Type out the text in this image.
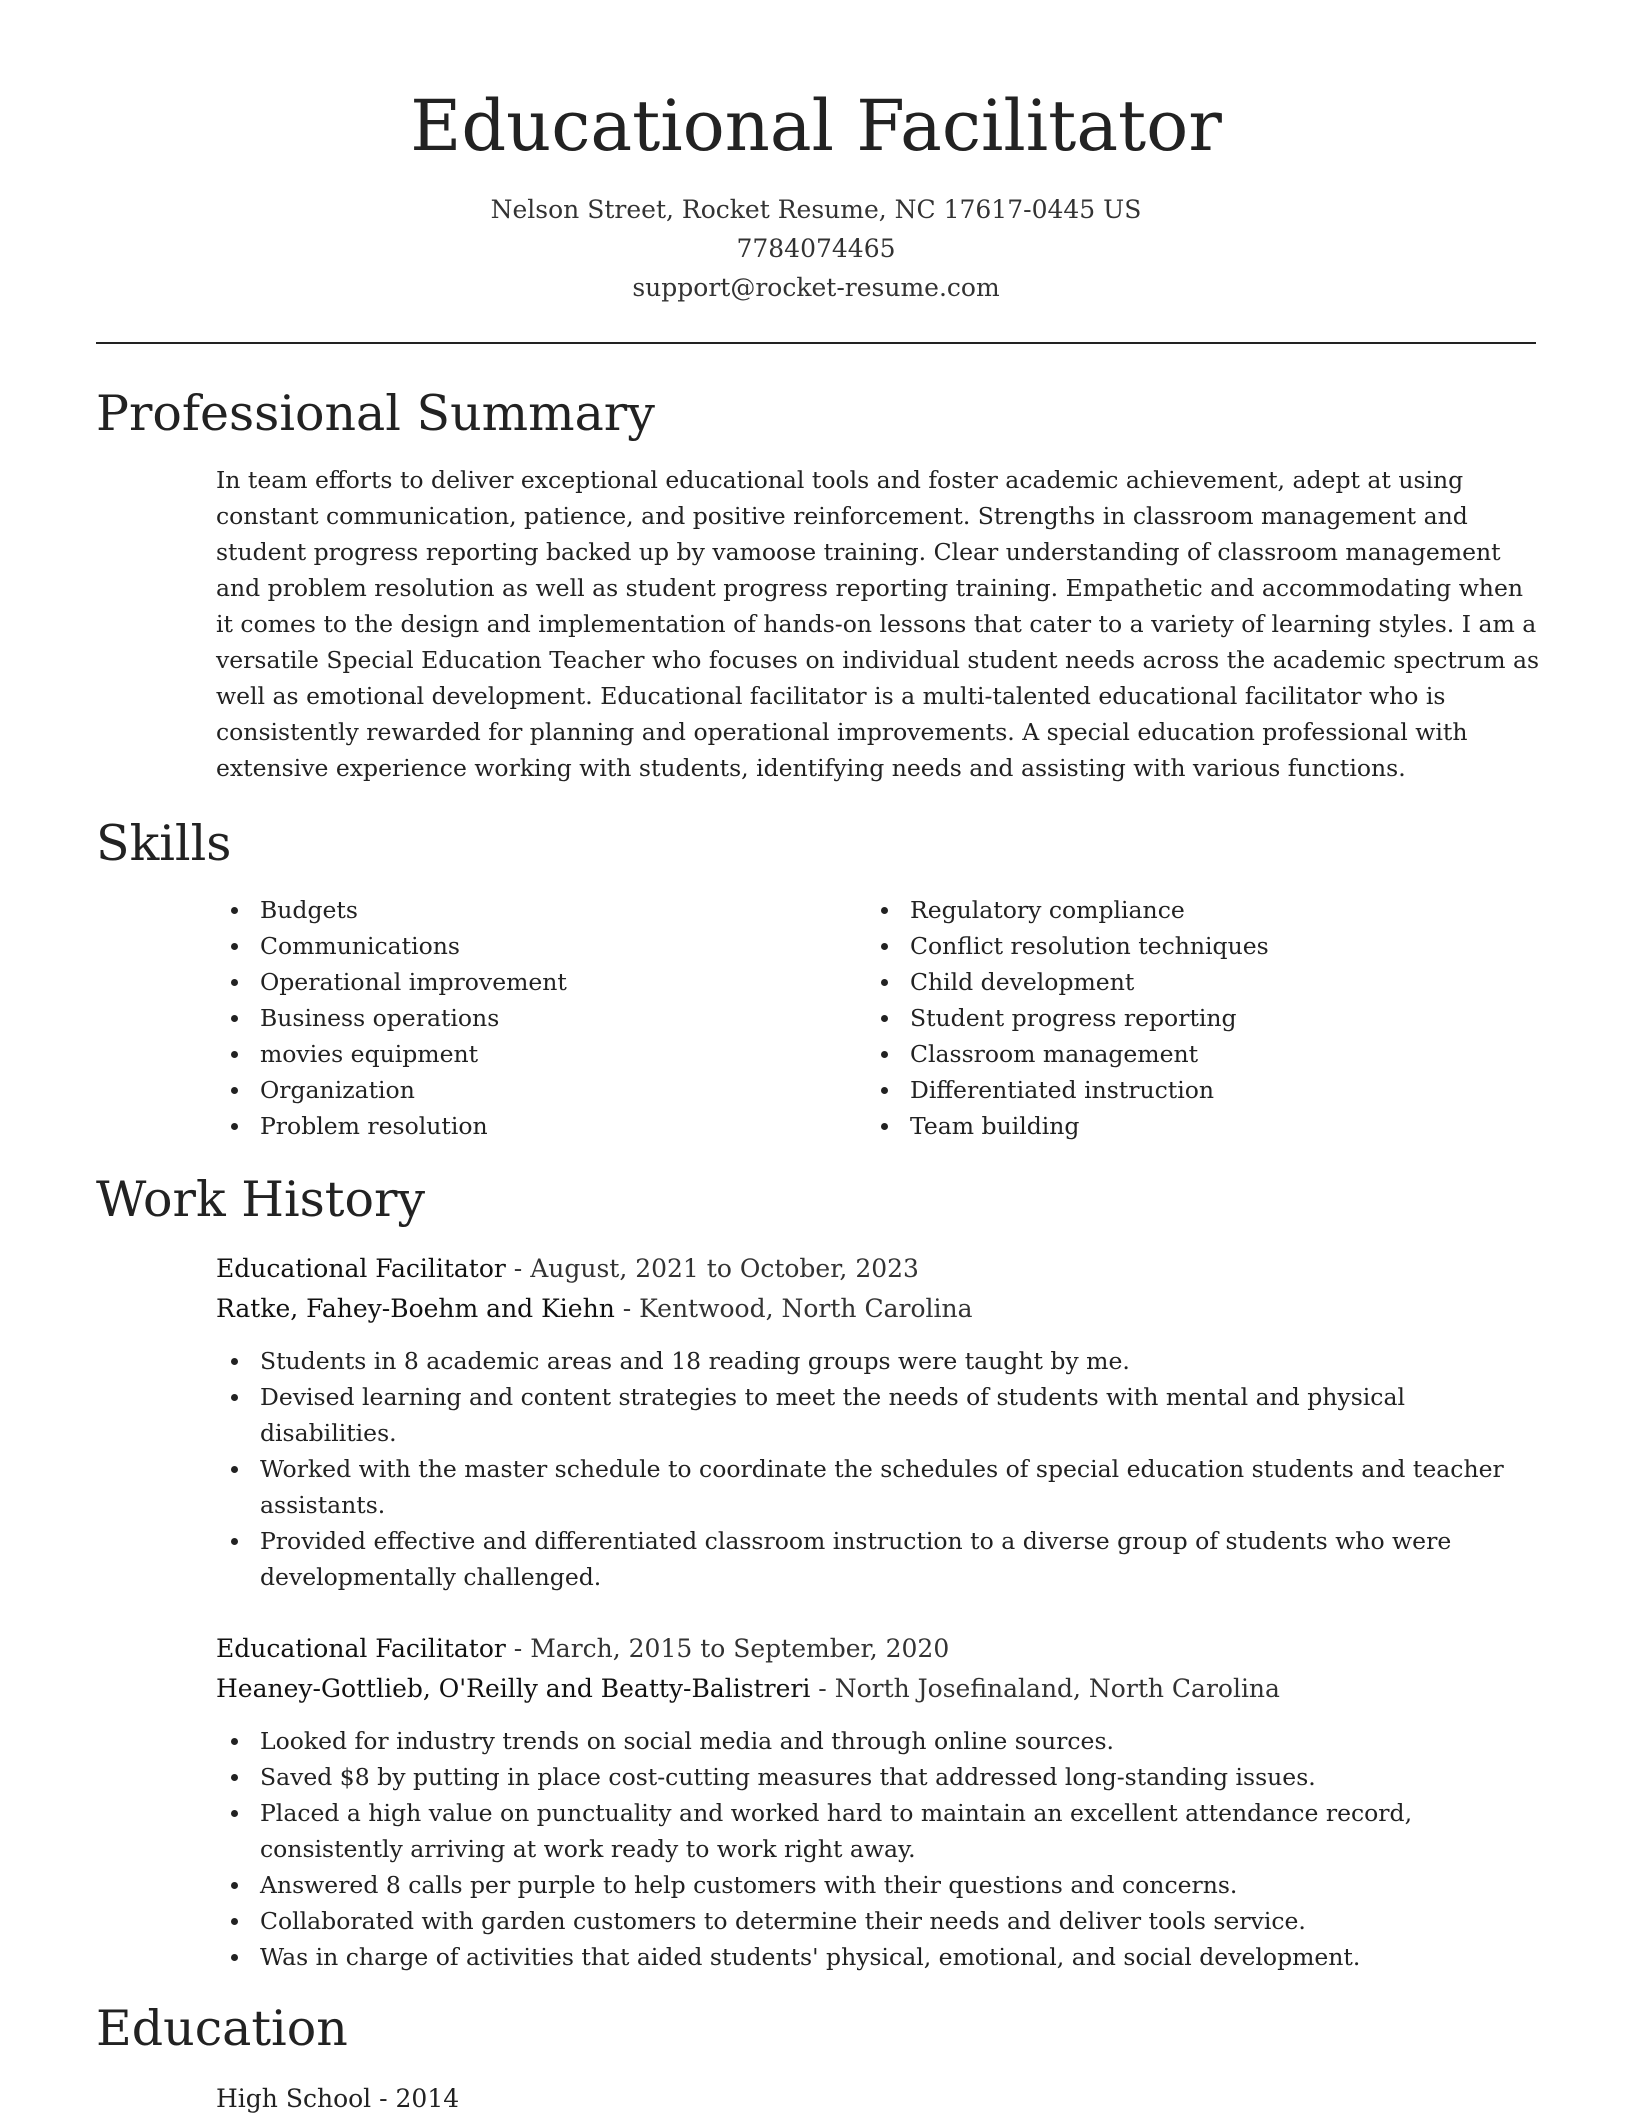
Educational Facilitator
Nelson Street, Rocket Resume, NC 17617-0445 US
7784074465
support@rocket-resume.com
Professional Summary
In team efforts to deliver exceptional educational tools and foster academic achievement, adept at using
constant communication, patience, and positive reinforcement. Strengths in classroom management and
student progress reporting backed up by vamoose training. Clear understanding of classroom management
and problem resolution as well as student progress reporting training. Empathetic and accommodating when
it comes to the design and implementation of hands-on lessons that cater to a variety of learning styles. I am a
versatile Special Education Teacher who focuses on individual student needs across the academic spectrum as
well as emotional development. Educational facilitator is a multi-talented educational facilitator who is
consistently rewarded for planning and operational improvements. A special education professional with
extensive experience working with students, identifying needs and assisting with various functions.
Skills
Budgets
Communications
Operational improvement
Business operations
movies equipment
Organization
Problem resolution
Regulatory compliance
Conflict resolution techniques
Child development
Student progress reporting
Classroom management
Differentiated instruction
Team building
Work History
Educational Facilitator - August, 2021 to October, 2023
Ratke, Fahey-Boehm and Kiehn - Kentwood, North Carolina
Students in 8 academic areas and 18 reading groups were taught by me.
Devised learning and content strategies to meet the needs of students with mental and physical
disabilities.
Worked with the master schedule to coordinate the schedules of special education students and teacher
assistants.
Provided effective and differentiated classroom instruction to a diverse group of students who were
developmentally challenged.
Educational Facilitator - March, 2015 to September, 2020
Heaney-Gottlieb, O'Reilly and Beatty-Balistreri - North Josefinaland, North Carolina
Looked for industry trends on social media and through online sources.
Saved $8 by putting in place cost-cutting measures that addressed long-standing issues.
Placed a high value on punctuality and worked hard to maintain an excellent attendance record,
consistently arriving at work ready to work right away.
Answered 8 calls per purple to help customers with their questions and concerns.
Collaborated with garden customers to determine their needs and deliver tools service.
Was in charge of activities that aided students' physical, emotional, and social development.
Education
High School - 2014
